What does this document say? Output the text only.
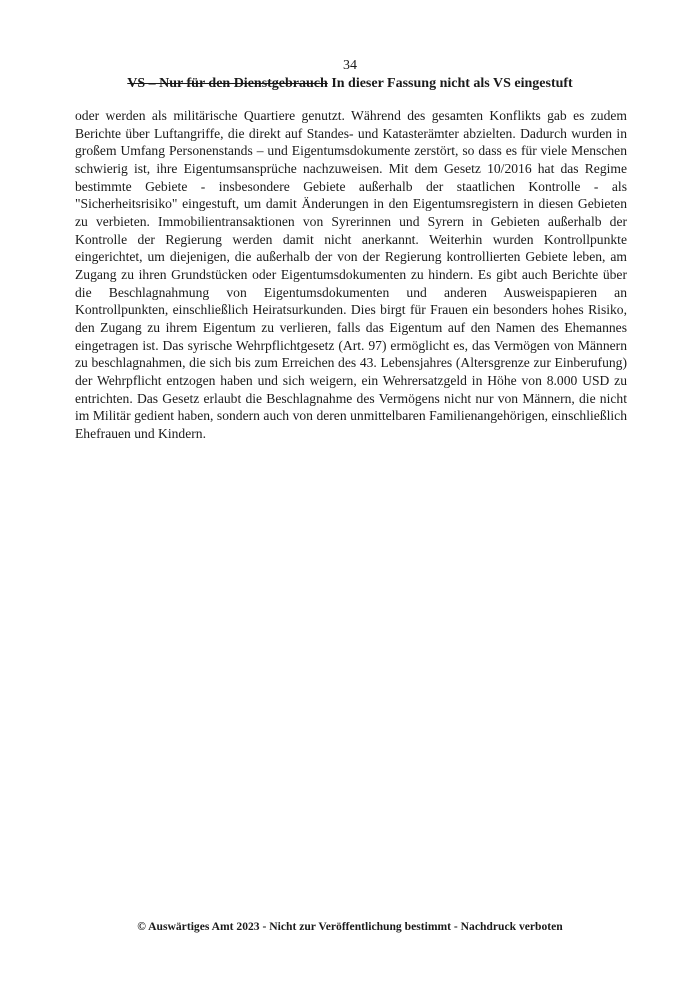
34
VS – Nur für den Dienstgebrauch In dieser Fassung nicht als VS eingestuft

oder werden als militärische Quartiere genutzt. Während des gesamten Konflikts gab es zudem
Berichte über Luftangriffe, die direkt auf Standes- und Katasterämter abzielten. Dadurch wurden in
großem Umfang Personenstands – und Eigentumsdokumente zerstört, so dass es für viele Menschen
schwierig ist, ihre Eigentumsansprüche nachzuweisen. Mit dem Gesetz 10/2016 hat das Regime
bestimmte Gebiete - insbesondere Gebiete außerhalb der staatlichen Kontrolle - als
"Sicherheitsrisiko" eingestuft, um damit Änderungen in den Eigentumsregistern in diesen Gebieten
zu verbieten. Immobilientransaktionen von Syrerinnen und Syrern in Gebieten außerhalb der
Kontrolle der Regierung werden damit nicht anerkannt. Weiterhin wurden Kontrollpunkte
eingerichtet, um diejenigen, die außerhalb der von der Regierung kontrollierten Gebiete leben, am
Zugang zu ihren Grundstücken oder Eigentumsdokumenten zu hindern. Es gibt auch Berichte über
die Beschlagnahmung von Eigentumsdokumenten und anderen Ausweispapieren an
Kontrollpunkten, einschließlich Heiratsurkunden. Dies birgt für Frauen ein besonders hohes Risiko,
den Zugang zu ihrem Eigentum zu verlieren, falls das Eigentum auf den Namen des Ehemannes
eingetragen ist. Das syrische Wehrpflichtgesetz (Art. 97) ermöglicht es, das Vermögen von Männern
zu beschlagnahmen, die sich bis zum Erreichen des 43. Lebensjahres (Altersgrenze zur Einberufung)
der Wehrpflicht entzogen haben und sich weigern, ein Wehrersatzgeld in Höhe von 8.000 USD zu
entrichten. Das Gesetz erlaubt die Beschlagnahme des Vermögens nicht nur von Männern, die nicht
im Militär gedient haben, sondern auch von deren unmittelbaren Familienangehörigen, einschließlich
Ehefrauen und Kindern.

© Auswärtiges Amt 2023 - Nicht zur Veröffentlichung bestimmt - Nachdruck verboten
